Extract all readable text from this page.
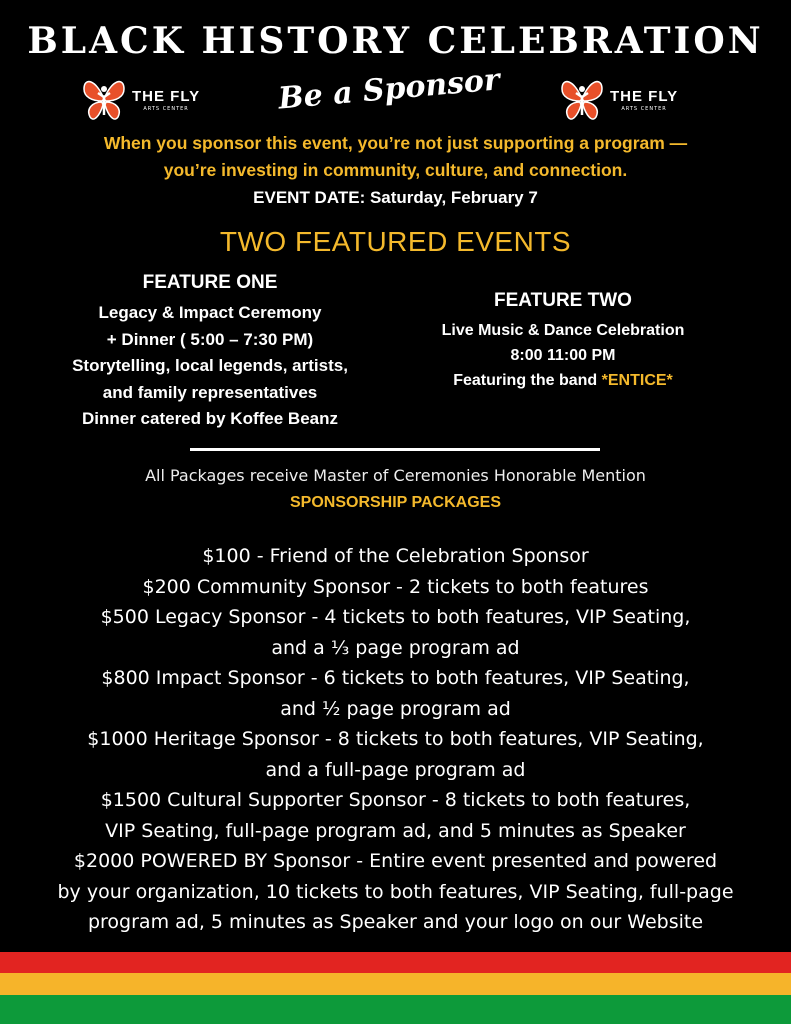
BLACK HISTORY CELEBRATION
THE FLY
ARTS CENTER	Be a Sponsor	THE FLY
ARTS CENTER
When you sponsor this event, you’re not just supporting a program —
you’re investing in community, culture, and connection.
EVENT DATE: Saturday, February 7
TWO FEATURED EVENTS
FEATURE ONE
Legacy & Impact Ceremony
+ Dinner ( 5:00 – 7:30 PM)
Storytelling, local legends, artists,
and family representatives
Dinner catered by Koffee Beanz
FEATURE TWO
Live Music & Dance Celebration
8:00 11:00 PM
Featuring the band *ENTICE*
All Packages receive Master of Ceremonies Honorable Mention
SPONSORSHIP PACKAGES
$100 - Friend of the Celebration Sponsor
$200 Community Sponsor - 2 tickets to both features
$500 Legacy Sponsor - 4 tickets to both features, VIP Seating,
and a ⅓ page program ad
$800 Impact Sponsor - 6 tickets to both features, VIP Seating,
and ½ page program ad
$1000 Heritage Sponsor - 8 tickets to both features, VIP Seating,
and a full-page program ad
$1500 Cultural Supporter Sponsor - 8 tickets to both features,
VIP Seating, full-page program ad, and 5 minutes as Speaker
$2000 POWERED BY Sponsor - Entire event presented and powered
by your organization, 10 tickets to both features, VIP Seating, full-page
program ad, 5 minutes as Speaker and your logo on our Website
